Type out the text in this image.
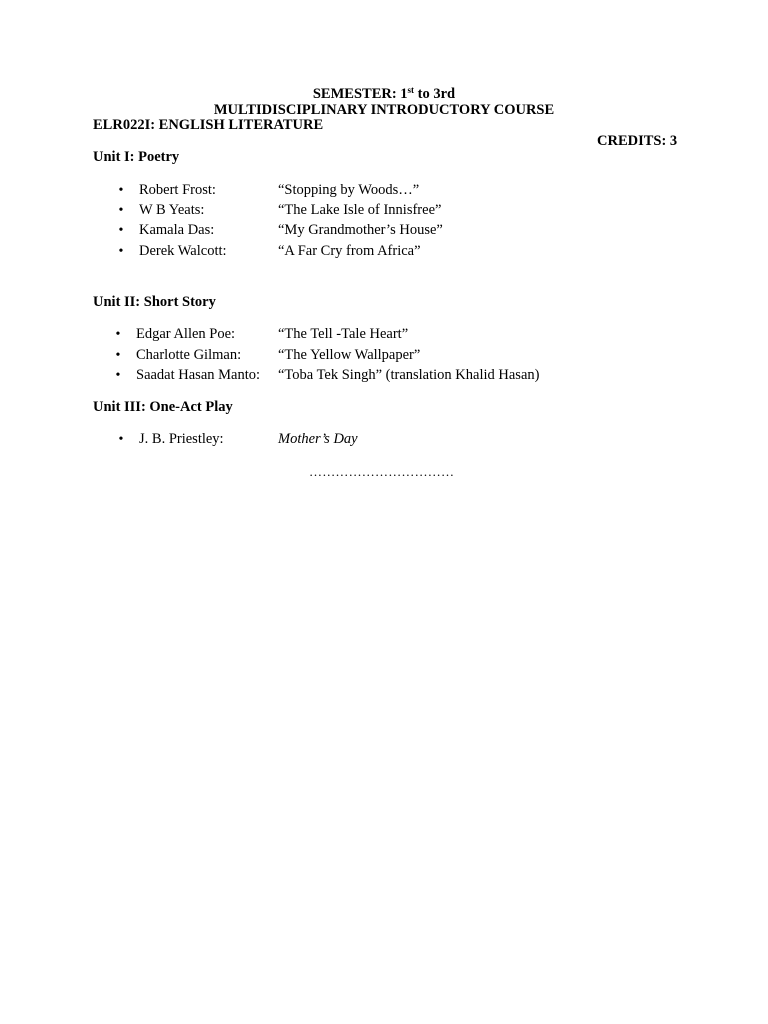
SEMESTER: 1st to 3rd
MULTIDISCIPLINARY INTRODUCTORY COURSE
ELR022I: ENGLISH LITERATURE
CREDITS: 3
Unit I: Poetry
• Robert Frost:	“Stopping by Woods…”
• W B Yeats:	“The Lake Isle of Innisfree”
• Kamala Das:	“My Grandmother’s House”
• Derek Walcott:	“A Far Cry from Africa”
Unit II: Short Story
• Edgar Allen Poe:	“The Tell -Tale Heart”
• Charlotte Gilman:	“The Yellow Wallpaper”
• Saadat Hasan Manto: “Toba Tek Singh” (translation Khalid Hasan)
Unit III: One-Act Play
• J. B. Priestley:	Mother’s Day
……………………………
